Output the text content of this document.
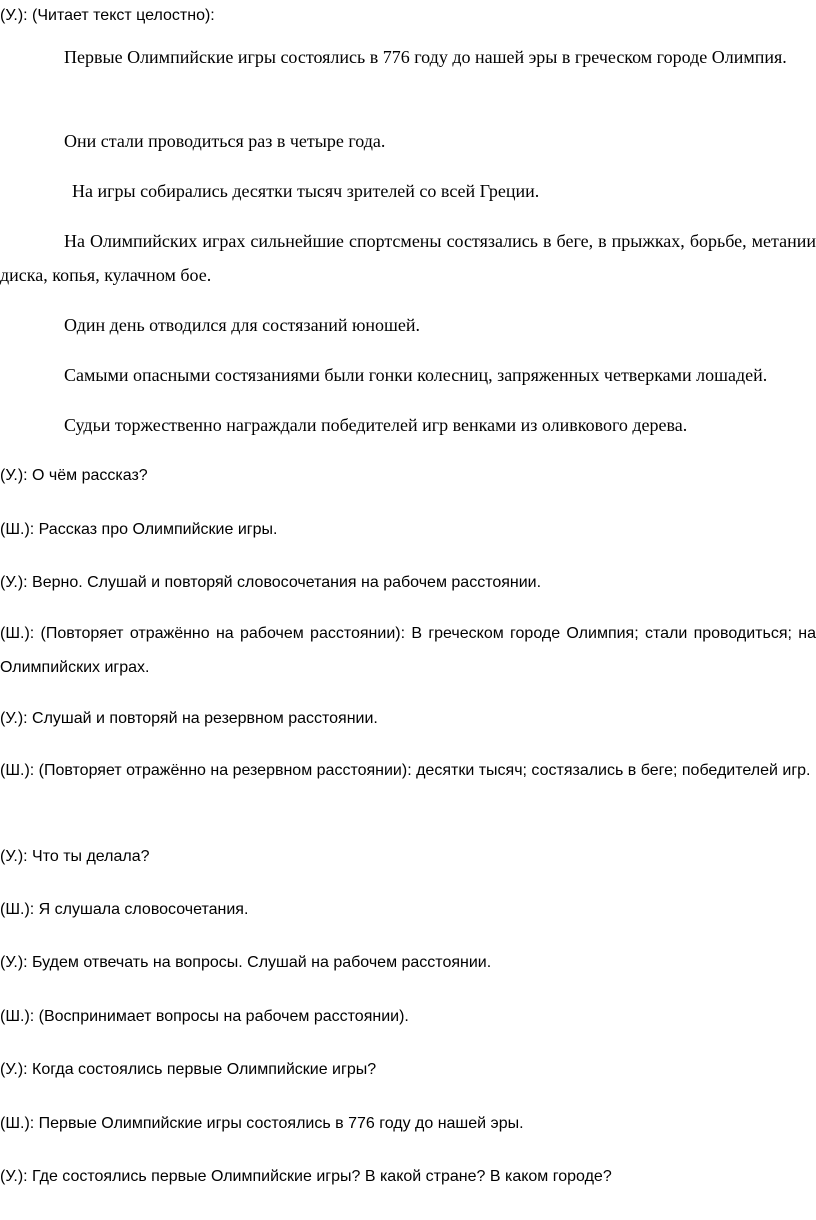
(У.): (Читает текст целостно):

Первые Олимпийские игры состоялись в 776 году до нашей эры в греческом городе Олимпия.

Они стали проводиться раз в четыре года.

На игры собирались десятки тысяч зрителей со всей Греции.

На Олимпийских играх сильнейшие спортсмены состязались в беге, в прыжках, борьбе, метании диска, копья, кулачном бое.

Один день отводился для состязаний юношей.

Самыми опасными состязаниями были гонки колесниц, запряженных четверками лошадей.

Судьи торжественно награждали победителей игр венками из оливкового дерева.

(У.): О чём рассказ?

(Ш.): Рассказ про Олимпийские игры.

(У.): Верно. Слушай и повторяй словосочетания на рабочем расстоянии.

(Ш.): (Повторяет отражённо на рабочем расстоянии): В греческом городе Олимпия; стали проводиться; на Олимпийских играх.

(У.): Слушай и повторяй на резервном расстоянии.

(Ш.): (Повторяет отражённо на резервном расстоянии): десятки тысяч; состязались в беге; победителей игр.

(У.): Что ты делала?

(Ш.): Я слушала словосочетания.

(У.): Будем отвечать на вопросы. Слушай на рабочем расстоянии.

(Ш.): (Воспринимает вопросы на рабочем расстоянии).

(У.): Когда состоялись первые Олимпийские игры?

(Ш.): Первые Олимпийские игры состоялись в 776 году до нашей эры.

(У.): Где состоялись первые Олимпийские игры? В какой стране? В каком городе?
